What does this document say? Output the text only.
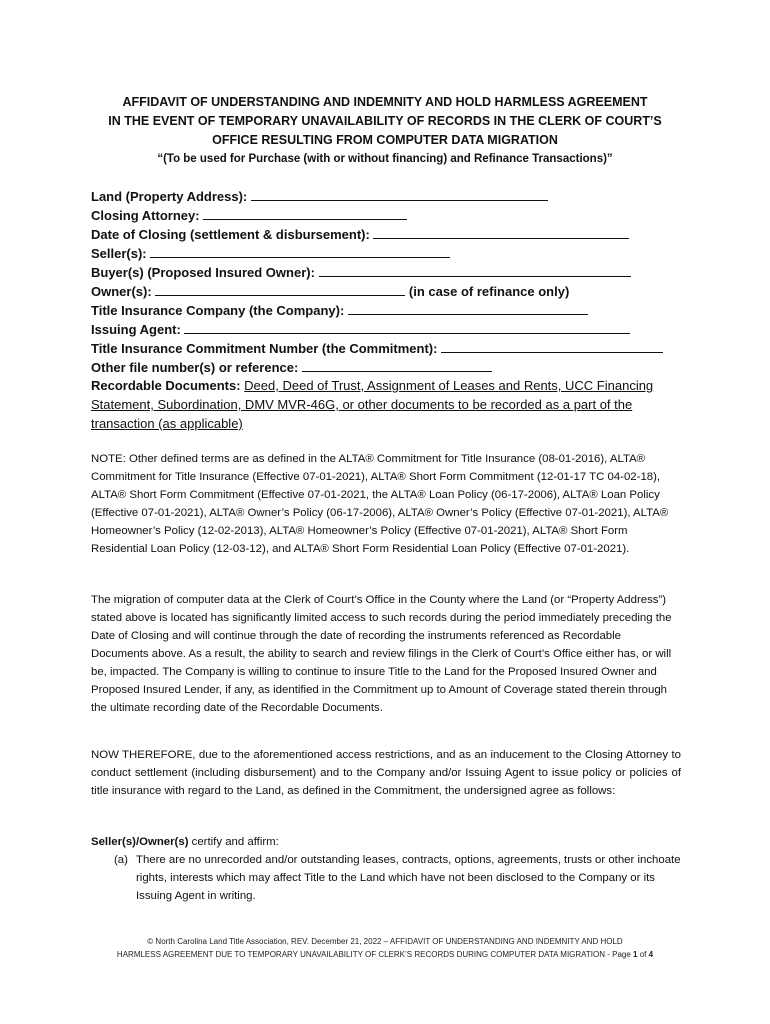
AFFIDAVIT OF UNDERSTANDING AND INDEMNITY AND HOLD HARMLESS AGREEMENT
IN THE EVENT OF TEMPORARY UNAVAILABILITY OF RECORDS IN THE CLERK OF COURT’S
OFFICE RESULTING FROM COMPUTER DATA MIGRATION
“(To be used for Purchase (with or without financing) and Refinance Transactions)”
Land (Property Address):
Closing Attorney:
Date of Closing (settlement & disbursement):
Seller(s):
Buyer(s) (Proposed Insured Owner):
Owner(s):	(in case of refinance only)
Title Insurance Company (the Company):
Issuing Agent:
Title Insurance Commitment Number (the Commitment):
Other file number(s) or reference:
Recordable Documents: Deed, Deed of Trust, Assignment of Leases and Rents, UCC Financing Statement, Subordination, DMV MVR-46G, or other documents to be recorded as a part of the transaction (as applicable)
NOTE: Other defined terms are as defined in the ALTA® Commitment for Title Insurance (08-01-2016), ALTA® Commitment for Title Insurance (Effective 07-01-2021), ALTA® Short Form Commitment (12-01-17 TC 04-02-18), ALTA® Short Form Commitment (Effective 07-01-2021, the ALTA® Loan Policy (06-17-2006), ALTA® Loan Policy (Effective 07-01-2021), ALTA® Owner’s Policy (06-17-2006), ALTA® Owner’s Policy (Effective 07-01-2021), ALTA® Homeowner’s Policy (12-02-2013), ALTA® Homeowner’s Policy (Effective 07-01-2021), ALTA® Short Form Residential Loan Policy (12-03-12), and ALTA® Short Form Residential Loan Policy (Effective 07-01-2021).
The migration of computer data at the Clerk of Court’s Office in the County where the Land (or “Property Address”) stated above is located has significantly limited access to such records during the period immediately preceding the Date of Closing and will continue through the date of recording the instruments referenced as Recordable Documents above. As a result, the ability to search and review filings in the Clerk of Court’s Office either has, or will be, impacted. The Company is willing to continue to insure Title to the Land for the Proposed Insured Owner and Proposed Insured Lender, if any, as identified in the Commitment up to Amount of Coverage stated therein through the ultimate recording date of the Recordable Documents.
NOW THEREFORE, due to the aforementioned access restrictions, and as an inducement to the Closing Attorney to conduct settlement (including disbursement) and to the Company and/or Issuing Agent to issue policy or policies of title insurance with regard to the Land, as defined in the Commitment, the undersigned agree as follows:
Seller(s)/Owner(s) certify and affirm:
(a) There are no unrecorded and/or outstanding leases, contracts, options, agreements, trusts or other inchoate rights, interests which may affect Title to the Land which have not been disclosed to the Company or its Issuing Agent in writing.
© North Carolina Land Title Association, REV. December 21, 2022 – AFFIDAVIT OF UNDERSTANDING AND INDEMNITY AND HOLD
HARMLESS AGREEMENT DUE TO TEMPORARY UNAVAILABILITY OF CLERK’S RECORDS DURING COMPUTER DATA MIGRATION - Page 1 of 4
